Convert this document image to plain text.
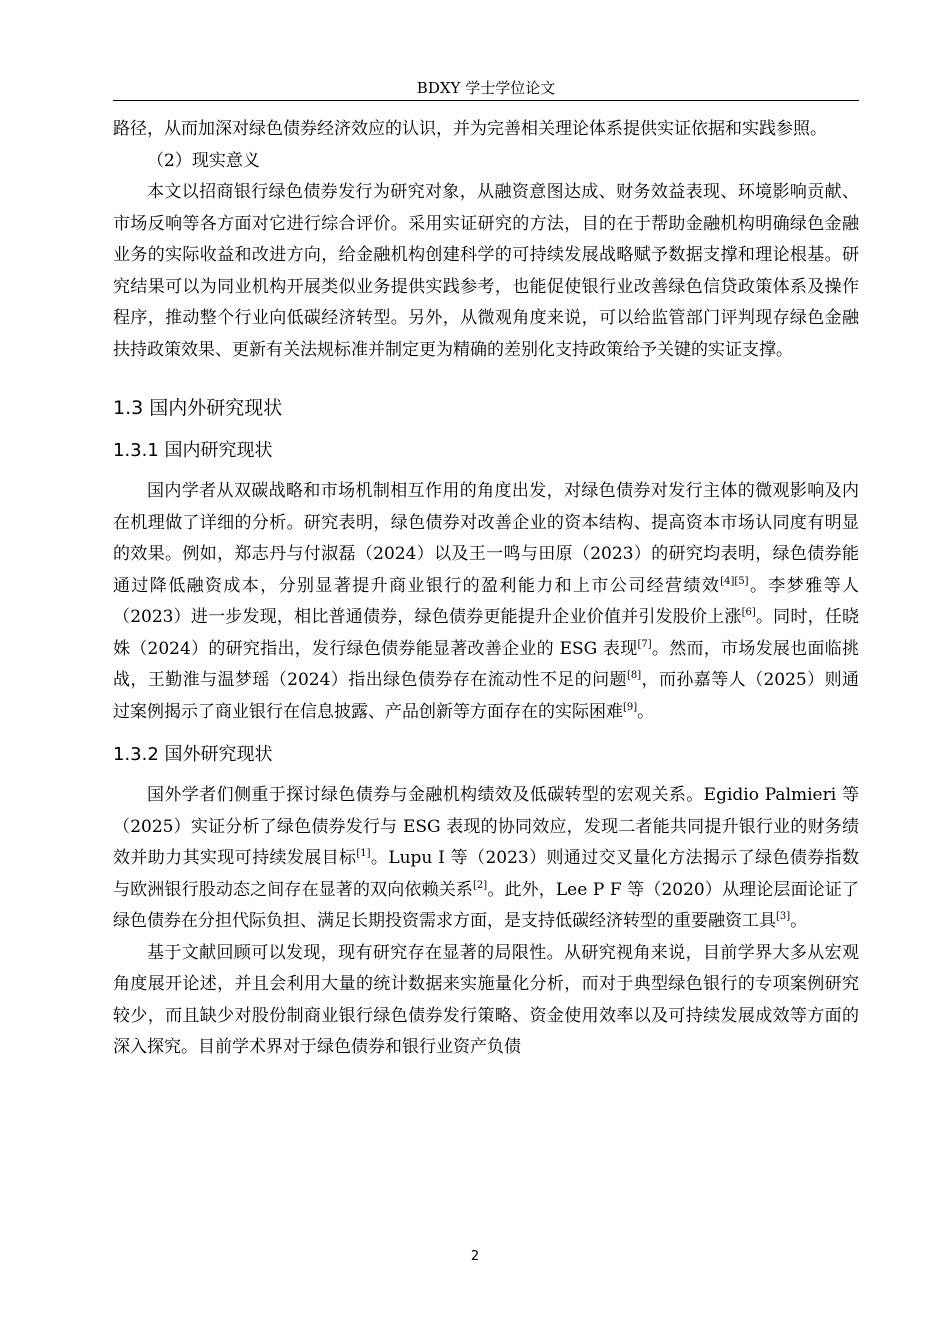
BDXY 学士学位论文

路径，从而加深对绿色债券经济效应的认识，并为完善相关理论体系提供实证依据和实践参照。

（2）现实意义

本文以招商银行绿色债券发行为研究对象，从融资意图达成、财务效益表现、环境影响贡献、市场反响等各方面对它进行综合评价。采用实证研究的方法，目的在于帮助金融机构明确绿色金融业务的实际收益和改进方向，给金融机构创建科学的可持续发展战略赋予数据支撑和理论根基。研究结果可以为同业机构开展类似业务提供实践参考，也能促使银行业改善绿色信贷政策体系及操作程序，推动整个行业向低碳经济转型。另外，从微观角度来说，可以给监管部门评判现存绿色金融扶持政策效果、更新有关法规标准并制定更为精确的差别化支持政策给予关键的实证支撑。

1.3 国内外研究现状
1.3.1 国内研究现状

国内学者从双碳战略和市场机制相互作用的角度出发，对绿色债券对发行主体的微观影响及内在机理做了详细的分析。研究表明，绿色债券对改善企业的资本结构、提高资本市场认同度有明显的效果。例如，郑志丹与付淑磊（2024）以及王一鸣与田原（2023）的研究均表明，绿色债券能通过降低融资成本，分别显著提升商业银行的盈利能力和上市公司经营绩效[4][5]。李梦雅等人（2023）进一步发现，相比普通债券，绿色债券更能提升企业价值并引发股价上涨[6]。同时，任晓姝（2024）的研究指出，发行绿色债券能显著改善企业的 ESG 表现[7]。然而，市场发展也面临挑战，王勤淮与温梦瑶（2024）指出绿色债券存在流动性不足的问题[8]，而孙嘉等人（2025）则通过案例揭示了商业银行在信息披露、产品创新等方面存在的实际困难[9]。

1.3.2 国外研究现状

国外学者们侧重于探讨绿色债券与金融机构绩效及低碳转型的宏观关系。Egidio Palmieri 等（2025）实证分析了绿色债券发行与 ESG 表现的协同效应，发现二者能共同提升银行业的财务绩效并助力其实现可持续发展目标[1]。Lupu I 等（2023）则通过交叉量化方法揭示了绿色债券指数与欧洲银行股动态之间存在显著的双向依赖关系[2]。此外，Lee P F 等（2020）从理论层面论证了绿色债券在分担代际负担、满足长期投资需求方面，是支持低碳经济转型的重要融资工具[3]。

基于文献回顾可以发现，现有研究存在显著的局限性。从研究视角来说，目前学界大多从宏观角度展开论述，并且会利用大量的统计数据来实施量化分析，而对于典型绿色银行的专项案例研究较少，而且缺少对股份制商业银行绿色债券发行策略、资金使用效率以及可持续发展成效等方面的深入探究。目前学术界对于绿色债券和银行业资产负债

2
